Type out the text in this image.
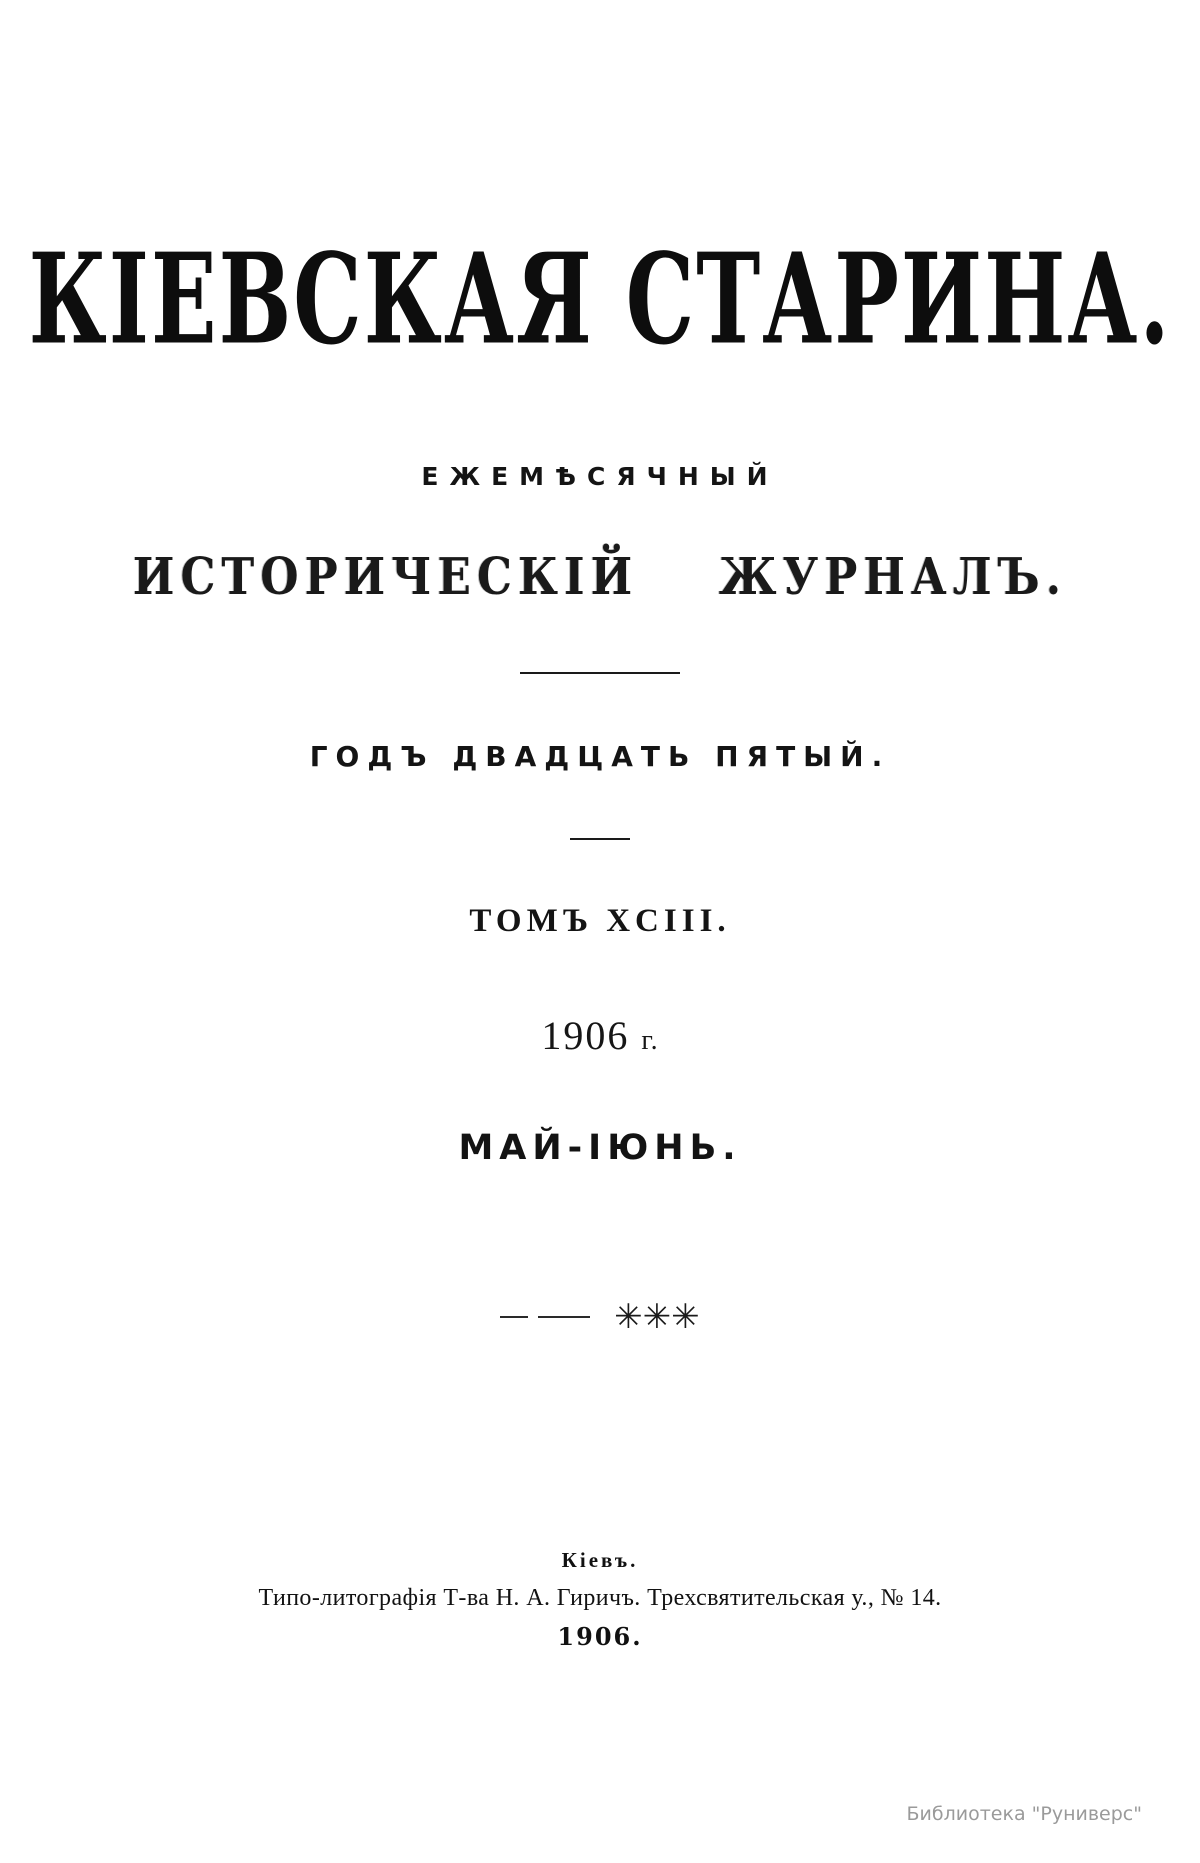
КІЕВСКАЯ СТАРИНА.
ЕЖЕМѢСЯЧНЫЙ
ИСТОРИЧЕСКІЙ ЖУРНАЛЪ.
ГОДЪ ДВАДЦАТЬ ПЯТЫЙ.
ТОМЪ XCIII.
1906 г.
МАЙ-ІЮНЬ.
✳✳✳
Кіевъ.
Типо-литографія Т-ва Н. А. Гиричъ. Трехсвятительская у., № 14.
1906.
Библиотека "Руниверс"
